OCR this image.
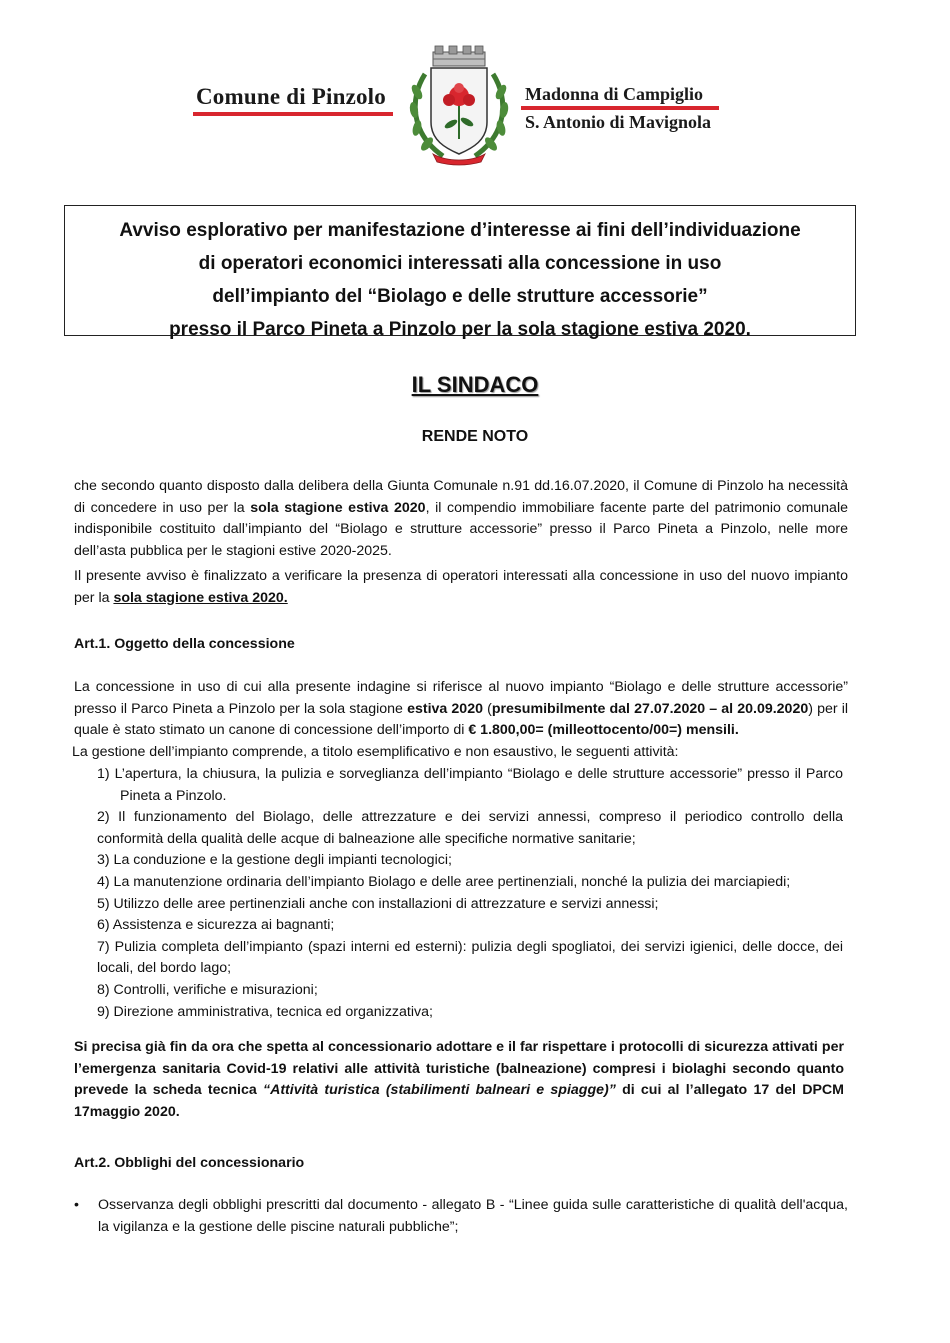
Comune di Pinzolo	Madonna di Campiglio
S. Antonio di Mavignola
Avviso esplorativo per manifestazione d’interesse ai fini dell’individuazione
di operatori economici interessati alla concessione in uso
dell’impianto del “Biolago e delle strutture accessorie”
presso il Parco Pineta a Pinzolo per la sola stagione estiva 2020.
IL SINDACO
RENDE NOTO
che secondo quanto disposto dalla delibera della Giunta Comunale n.91 dd.16.07.2020, il Comune di Pinzolo ha necessità di concedere in uso per la sola stagione estiva 2020, il compendio immobiliare facente parte del patrimonio comunale indisponibile costituito dall’impianto del “Biolago e strutture accessorie” presso il Parco Pineta a Pinzolo, nelle more dell’asta pubblica per le stagioni estive 2020-2025.
Il presente avviso è finalizzato a verificare la presenza di operatori interessati alla concessione in uso del nuovo impianto per la sola stagione estiva 2020.
Art.1. Oggetto della concessione
La concessione in uso di cui alla presente indagine si riferisce al nuovo impianto “Biolago e delle strutture accessorie” presso il Parco Pineta a Pinzolo per la sola stagione estiva 2020 (presumibilmente dal 27.07.2020 – al 20.09.2020) per il quale è stato stimato un canone di concessione dell’importo di € 1.800,00= (milleottocento/00=) mensili.
La gestione dell’impianto comprende, a titolo esemplificativo e non esaustivo, le seguenti attività:
1) L’apertura, la chiusura, la pulizia e sorveglianza dell’impianto “Biolago e delle strutture accessorie” presso il Parco Pineta a Pinzolo.
2) Il funzionamento del Biolago, delle attrezzature e dei servizi annessi, compreso il periodico controllo della conformità della qualità delle acque di balneazione alle specifiche normative sanitarie;
3) La conduzione e la gestione degli impianti tecnologici;
4) La manutenzione ordinaria dell’impianto Biolago e delle aree pertinenziali, nonché la pulizia dei marciapiedi;
5) Utilizzo delle aree pertinenziali anche con installazioni di attrezzature e servizi annessi;
6) Assistenza e sicurezza ai bagnanti;
7) Pulizia completa dell’impianto (spazi interni ed esterni): pulizia degli spogliatoi, dei servizi igienici, delle docce, dei locali, del bordo lago;
8) Controlli, verifiche e misurazioni;
9) Direzione amministrativa, tecnica ed organizzativa;
Si precisa già fin da ora che spetta al concessionario adottare e il far rispettare i protocolli di sicurezza attivati per l’emergenza sanitaria Covid-19 relativi alle attività turistiche (balneazione) compresi i biolaghi secondo quanto prevede la scheda tecnica “Attività turistica (stabilimenti balneari e spiagge)” di cui al l’allegato 17 del DPCM 17maggio 2020.
Art.2. Obblighi del concessionario
• Osservanza degli obblighi prescritti dal documento - allegato B - “Linee guida sulle caratteristiche di qualità dell'acqua, la vigilanza e la gestione delle piscine naturali pubbliche”;
